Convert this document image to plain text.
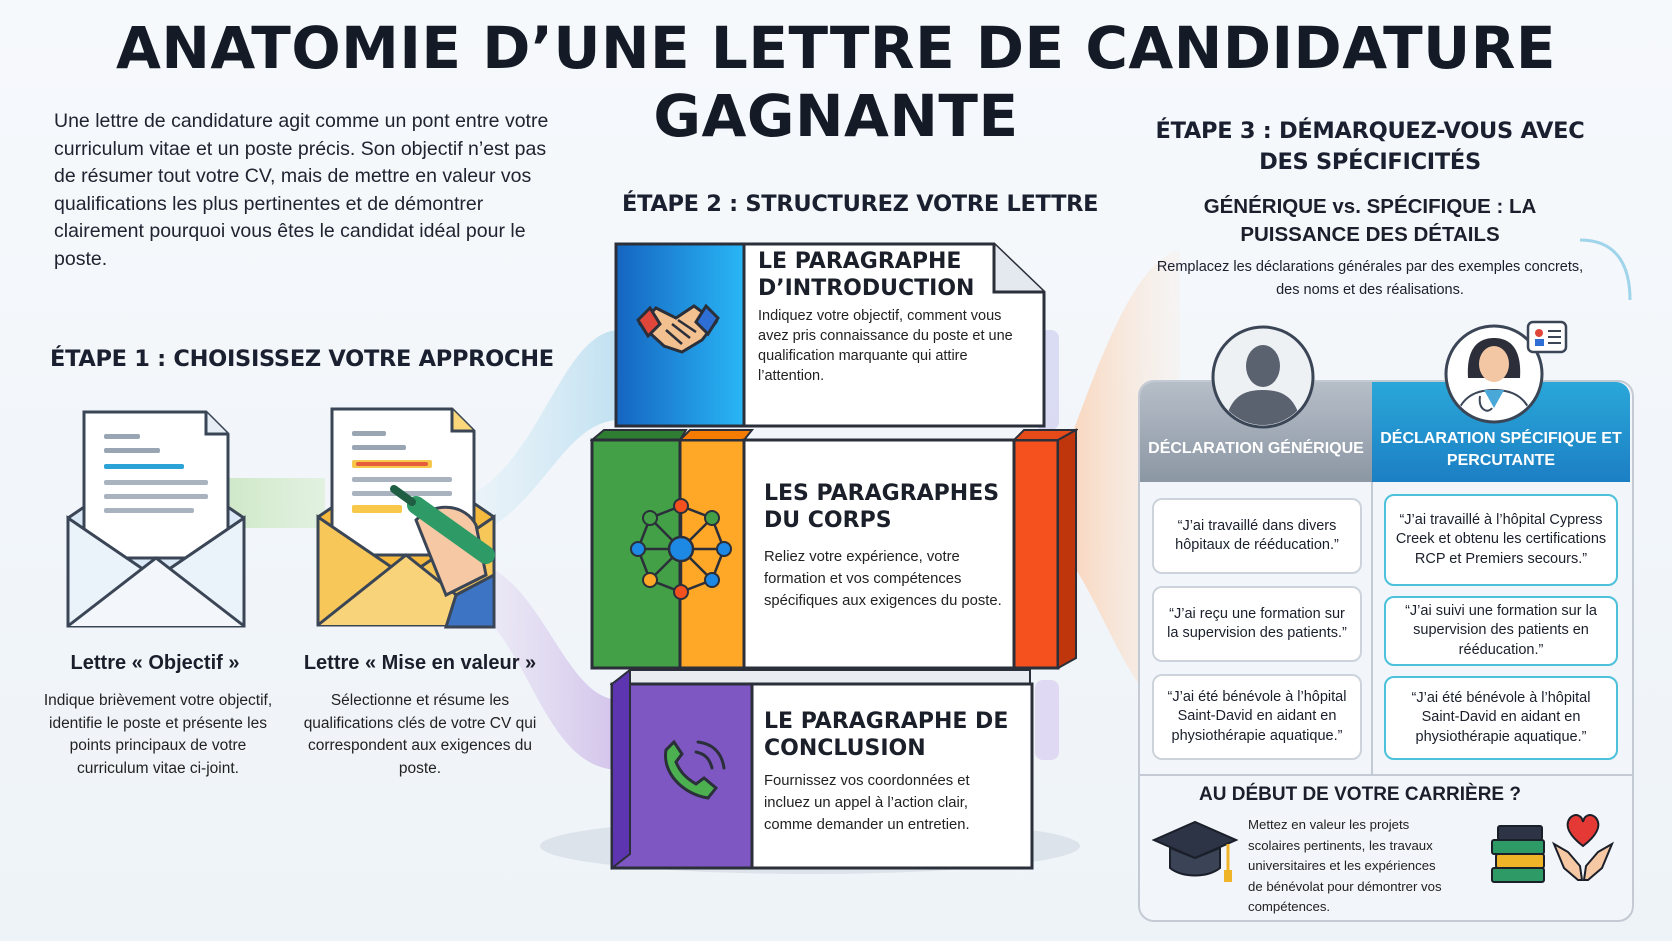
ANATOMIE D’UNE LETTRE DE CANDIDATURE GAGNANTE
Une lettre de candidature agit comme un pont entre votre curriculum vitae et un poste précis. Son objectif n’est pas de résumer tout votre CV, mais de mettre en valeur vos qualifications les plus pertinentes et de démontrer clairement pourquoi vous êtes le candidat idéal pour le poste.
ÉTAPE 1 : CHOISISSEZ VOTRE APPROCHE
Lettre « Objectif »
Indique brièvement votre objectif, identifie le poste et présente les points principaux de votre curriculum vitae ci-joint.
Lettre « Mise en valeur »
Sélectionne et résume les qualifications clés de votre CV qui correspondent aux exigences du poste.
ÉTAPE 2 : STRUCTUREZ VOTRE LETTRE
LE PARAGRAPHE D’INTRODUCTION
Indiquez votre objectif, comment vous avez pris connaissance du poste et une qualification marquante qui attire l’attention.
LES PARAGRAPHES DU CORPS
Reliez votre expérience, votre formation et vos compétences spécifiques aux exigences du poste.
LE PARAGRAPHE DE CONCLUSION
Fournissez vos coordonnées et incluez un appel à l’action clair, comme demander un entretien.
ÉTAPE 3 : DÉMARQUEZ-VOUS AVEC DES SPÉCIFICITÉS
GÉNÉRIQUE vs. SPÉCIFIQUE : LA PUISSANCE DES DÉTAILS
Remplacez les déclarations générales par des exemples concrets, des noms et des réalisations.
DÉCLARATION GÉNÉRIQUE
DÉCLARATION SPÉCIFIQUE ET PERCUTANTE
“J’ai travaillé dans divers hôpitaux de rééducation.”
“J’ai reçu une formation sur la supervision des patients.”
“J’ai été bénévole à l’hôpital Saint-David en aidant en physiothérapie aquatique.”
“J’ai travaillé à l’hôpital Cypress Creek et obtenu les certifications RCP et Premiers secours.”
“J’ai suivi une formation sur la supervision des patients en rééducation.”
“J’ai été bénévole à l’hôpital Saint-David en aidant en physiothérapie aquatique.”
AU DÉBUT DE VOTRE CARRIÈRE ?
Mettez en valeur les projets scolaires pertinents, les travaux universitaires et les expériences de bénévolat pour démontrer vos compétences.
